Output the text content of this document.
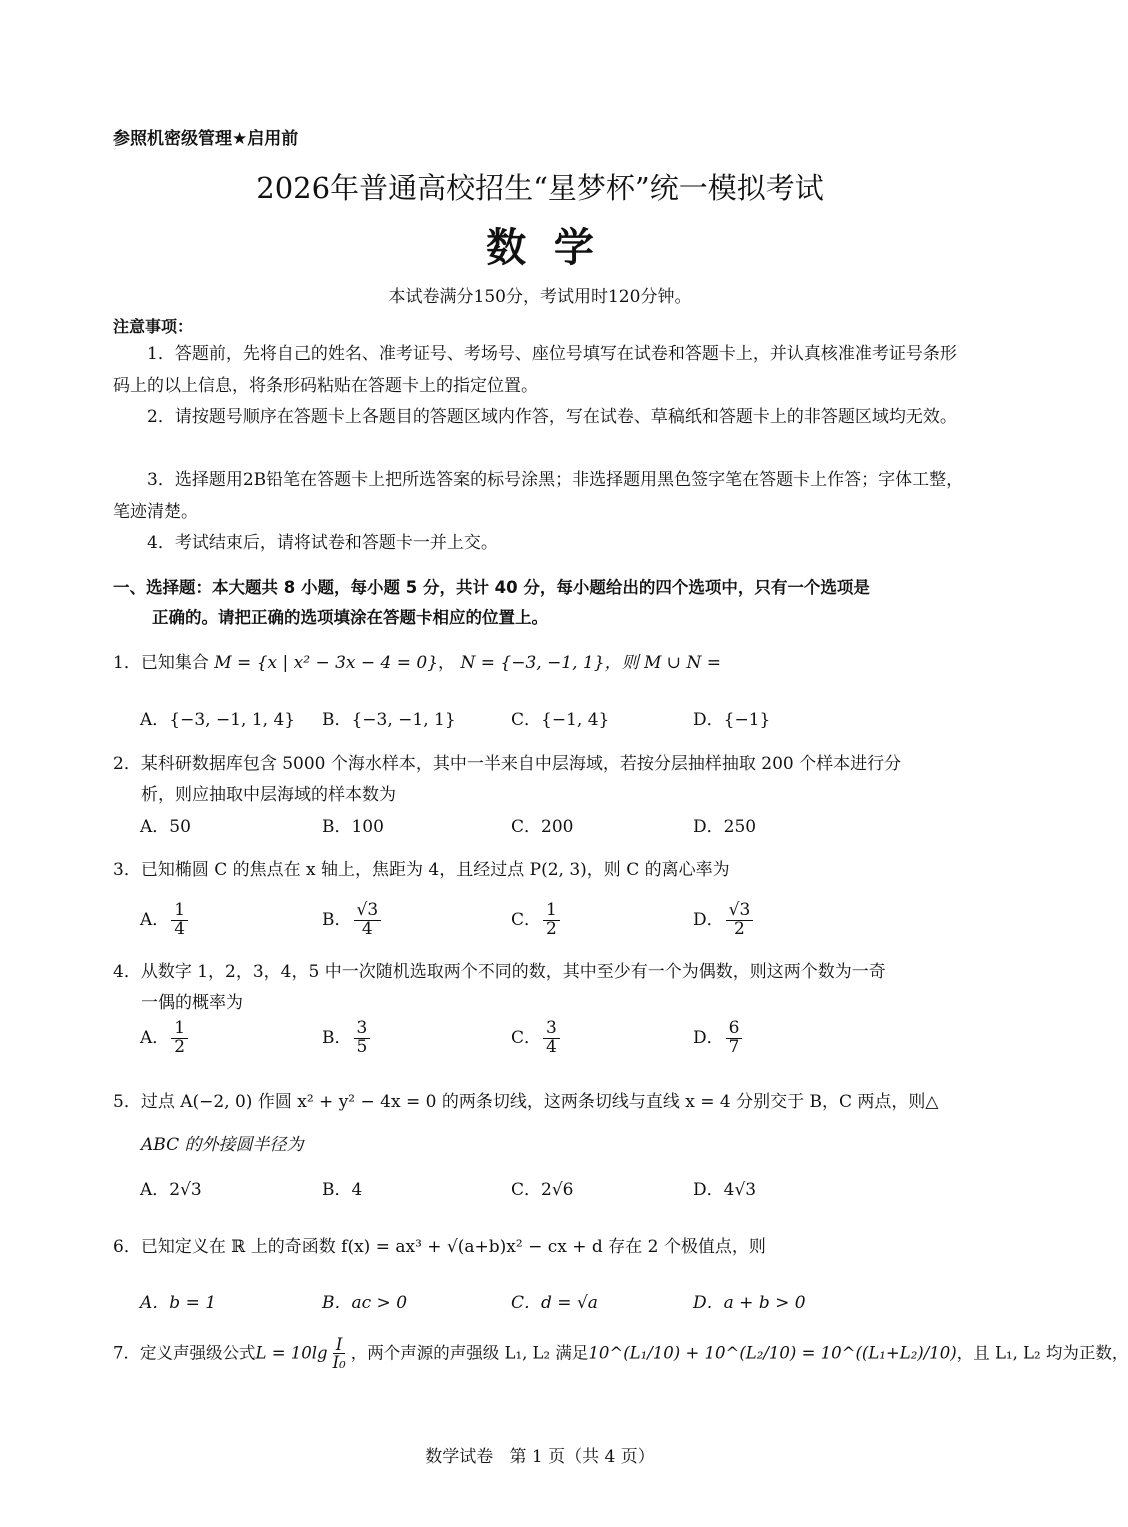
参照机密级管理★启用前
2026年普通高校招生“星梦杯”统一模拟考试
数  学
本试卷满分150分，考试用时120分钟。
注意事项：
1．答题前，先将自己的姓名、准考证号、考场号、座位号填写在试卷和答题卡上，并认真核准准考证号条形码上的以上信息，将条形码粘贴在答题卡上的指定位置。
2．请按题号顺序在答题卡上各题目的答题区域内作答，写在试卷、草稿纸和答题卡上的非答题区域均无效。
3．选择题用2B铅笔在答题卡上把所选答案的标号涂黑；非选择题用黑色签字笔在答题卡上作答；字体工整，笔迹清楚。
4．考试结束后，请将试卷和答题卡一并上交。
一、选择题：本大题共 8 小题，每小题 5 分，共计 40 分，每小题给出的四个选项中，只有一个选项是
正确的。请把正确的选项填涂在答题卡相应的位置上。
1．已知集合 M = {x | x² − 3x − 4 = 0}， N = {−3, −1, 1}，则 M ∪ N =
A．{−3, −1, 1, 4} B．{−3, −1, 1}	C．{−1, 4}	D．{−1}
2．某科研数据库包含 5000 个海水样本，其中一半来自中层海域，若按分层抽样抽取 200 个样本进行分
析，则应抽取中层海域的样本数为
A．50	B．100	C．200	D．250
3．已知椭圆 C 的焦点在 x 轴上，焦距为 4，且经过点 P(2, 3)，则 C 的离心率为
A． $\frac{1}{4}$	B． $\frac{√3}{4}$	C． $\frac{1}{2}$	D． $\frac{√3}{2}$
4．从数字 1，2，3，4，5 中一次随机选取两个不同的数，其中至少有一个为偶数，则这两个数为一奇
一偶的概率为
A． $\frac{1}{2}$	B． $\frac{3}{5}$	C． $\frac{3}{4}$	D． $\frac{6}{7}$
5．过点 A(−2, 0) 作圆 x² + y² − 4x = 0 的两条切线，这两条切线与直线 x = 4 分别交于 B，C 两点，则△
ABC 的外接圆半径为
A．2√3	B．4	C．2√6	D．4√3
6．已知定义在 ℝ 上的奇函数 f(x) = ax³ + √(a+b)x² − cx + d 存在 2 个极值点，则
A．b = 1	B．ac > 0	C．d = √a	D．a + b > 0
7．定义声强级公式$L = 10\lg \frac{I}{\text{I₀}}$ ，两个声源的声强级 L₁, L₂ 满足10^(L₁/10) + 10^(L₂/10) = 10^((L₁+L₂)/10)，且 L₁, L₂ 均为正数，
数学试卷   第 1 页（共 4 页）
